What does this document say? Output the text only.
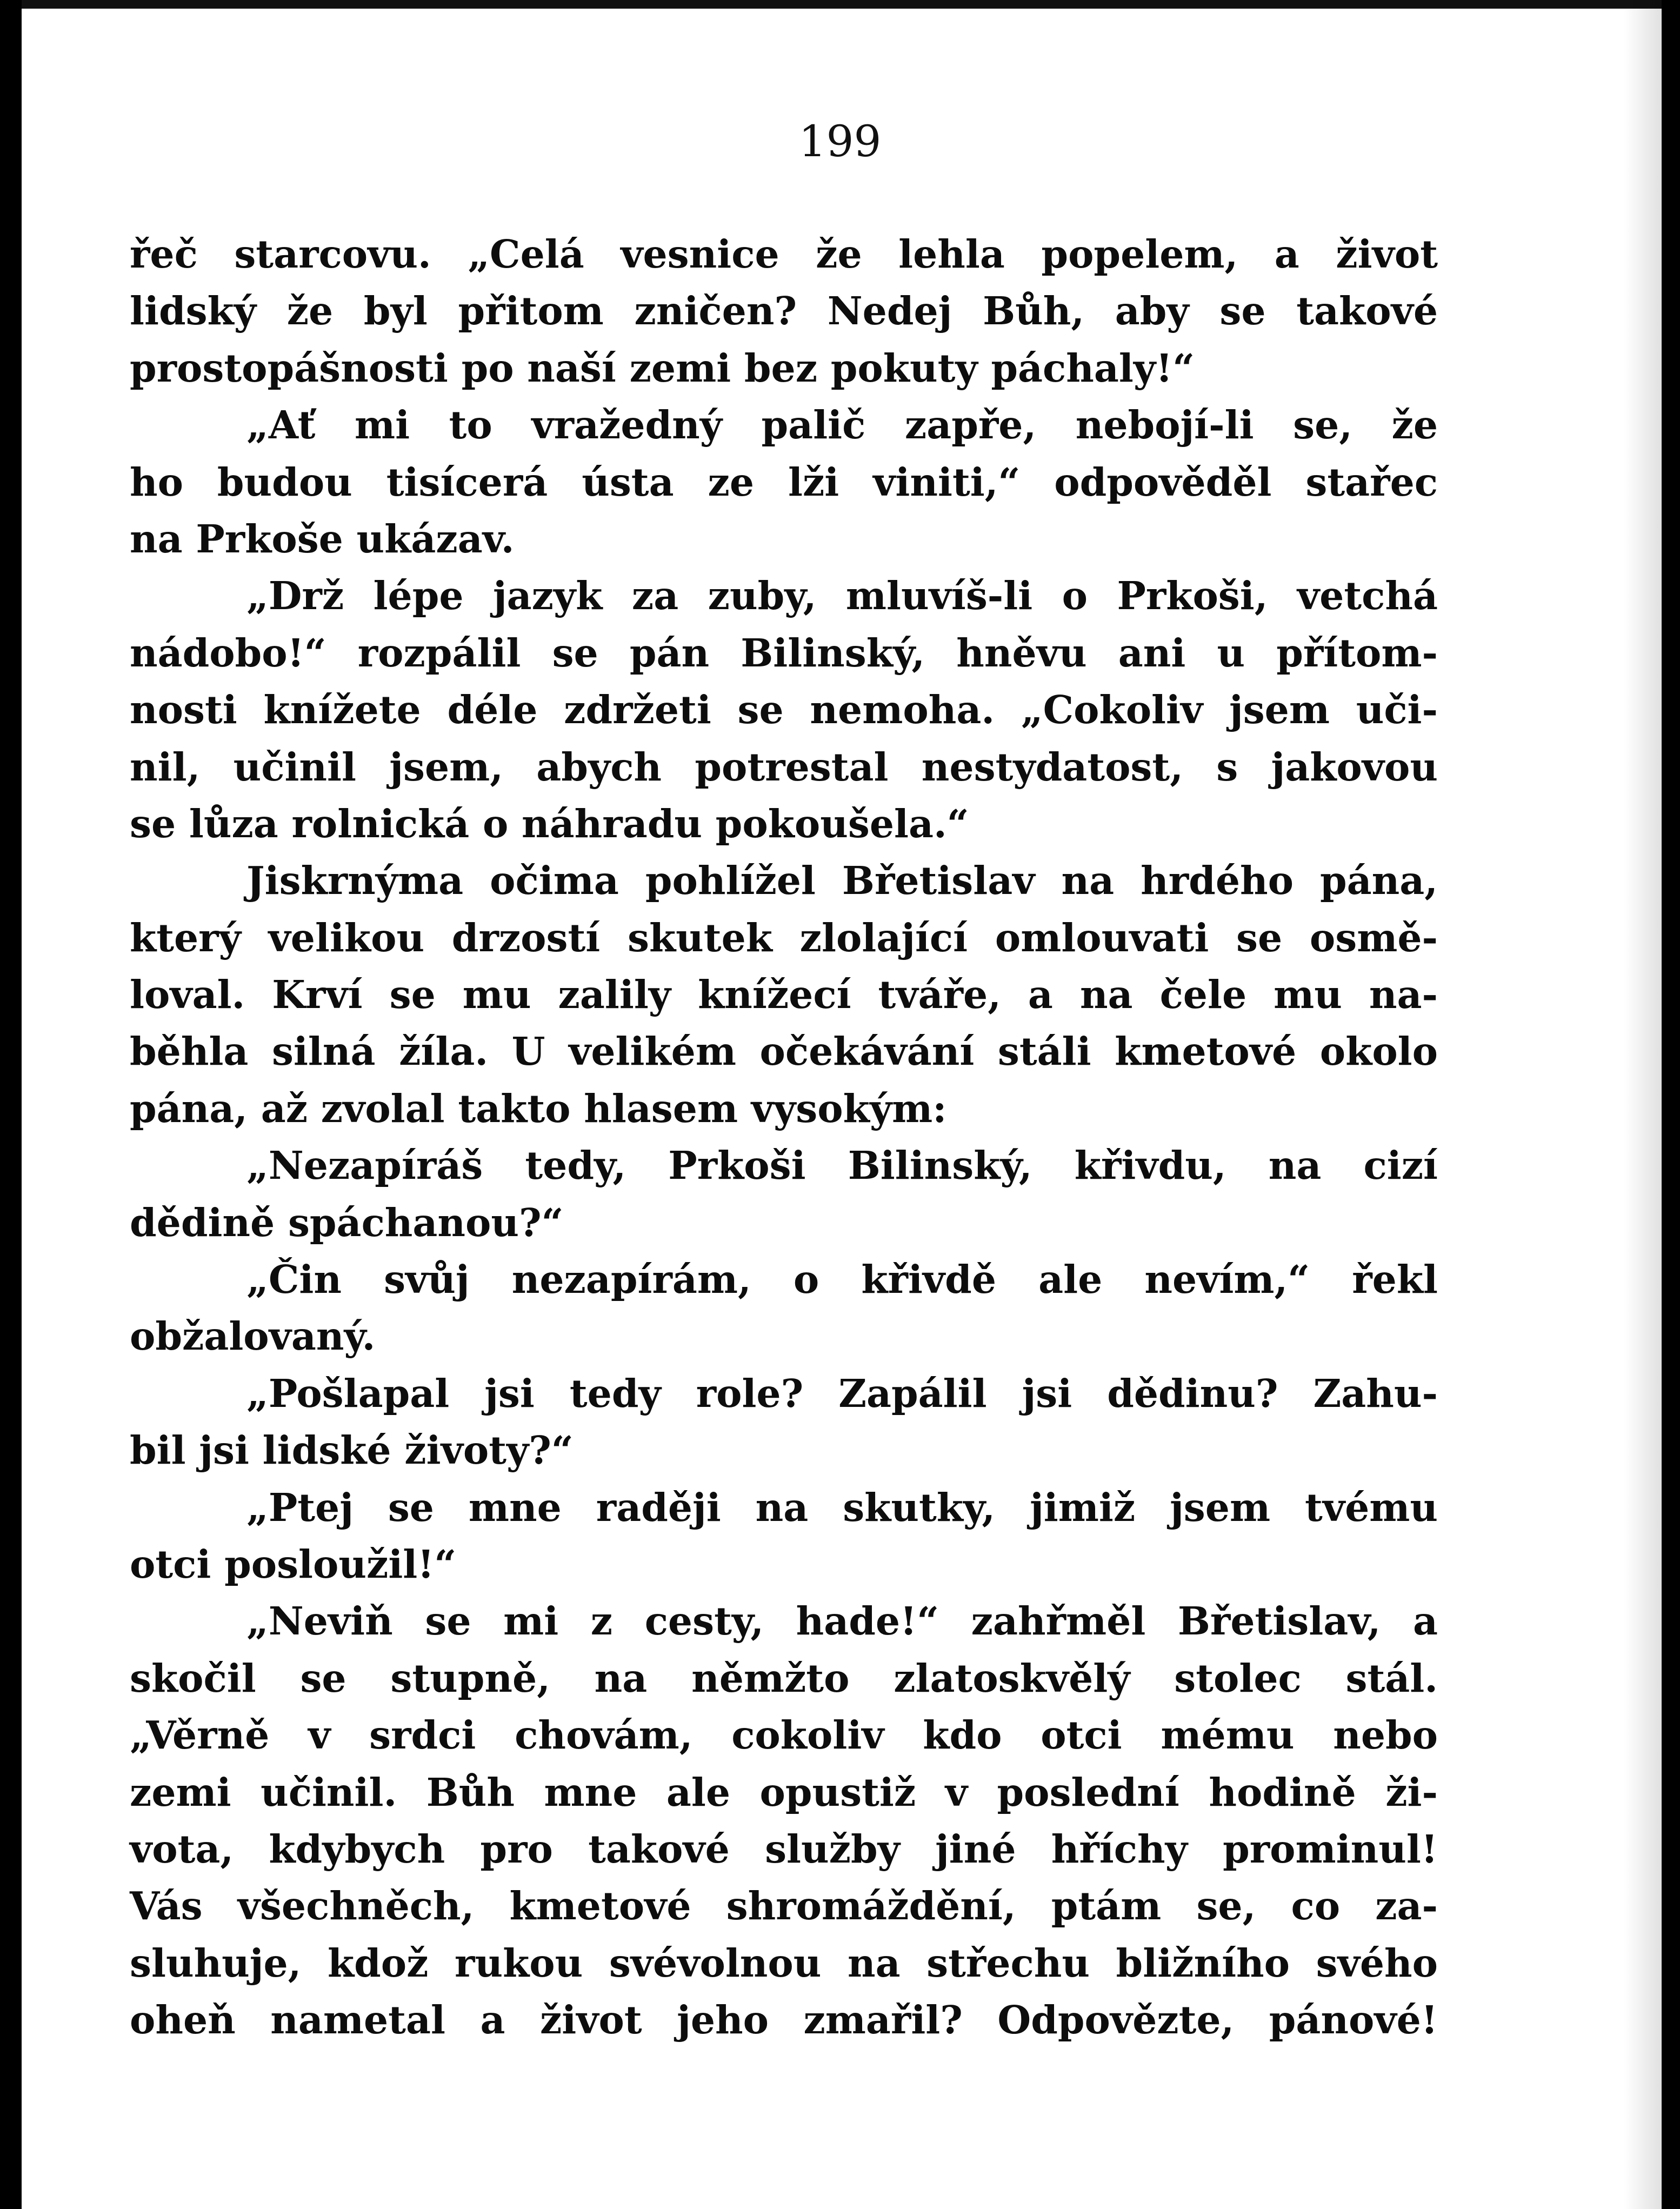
199
řeč starcovu. „Celá vesnice že lehla popelem, a život
lidský že byl přitom zničen? Nedej Bůh, aby se takové
prostopášnosti po naší zemi bez pokuty páchaly!“
„Ať mi to vražedný palič zapře, nebojí-li se, že
ho budou tisícerá ústa ze lži viniti,“ odpověděl stařec
na Prkoše ukázav.
„Drž lépe jazyk za zuby, mluvíš-li o Prkoši, vetchá
nádobo!“ rozpálil se pán Bilinský, hněvu ani u přítom-
nosti knížete déle zdržeti se nemoha. „Cokoliv jsem uči-
nil, učinil jsem, abych potrestal nestydatost, s jakovou
se lůza rolnická o náhradu pokoušela.“
Jiskrnýma očima pohlížel Břetislav na hrdého pána,
který velikou drzostí skutek zlolající omlouvati se osmě-
loval. Krví se mu zalily knížecí tváře, a na čele mu na-
běhla silná žíla. U velikém očekávání stáli kmetové okolo
pána, až zvolal takto hlasem vysokým:
„Nezapíráš tedy, Prkoši Bilinský, křivdu, na cizí
dědině spáchanou?“
„Čin svůj nezapírám, o křivdě ale nevím,“ řekl
obžalovaný.
„Pošlapal jsi tedy role? Zapálil jsi dědinu? Zahu-
bil jsi lidské životy?“
„Ptej se mne raději na skutky, jimiž jsem tvému
otci posloužil!“
„Neviň se mi z cesty, hade!“ zahřměl Břetislav, a
skočil se stupně, na němžto zlatoskvělý stolec stál.
„Věrně v srdci chovám, cokoliv kdo otci mému nebo
zemi učinil. Bůh mne ale opustiž v poslední hodině ži-
vota, kdybych pro takové služby jiné hříchy prominul!
Vás všechněch, kmetové shromáždění, ptám se, co za-
sluhuje, kdož rukou svévolnou na střechu bližního svého
oheň nametal a život jeho zmařil? Odpovězte, pánové!
